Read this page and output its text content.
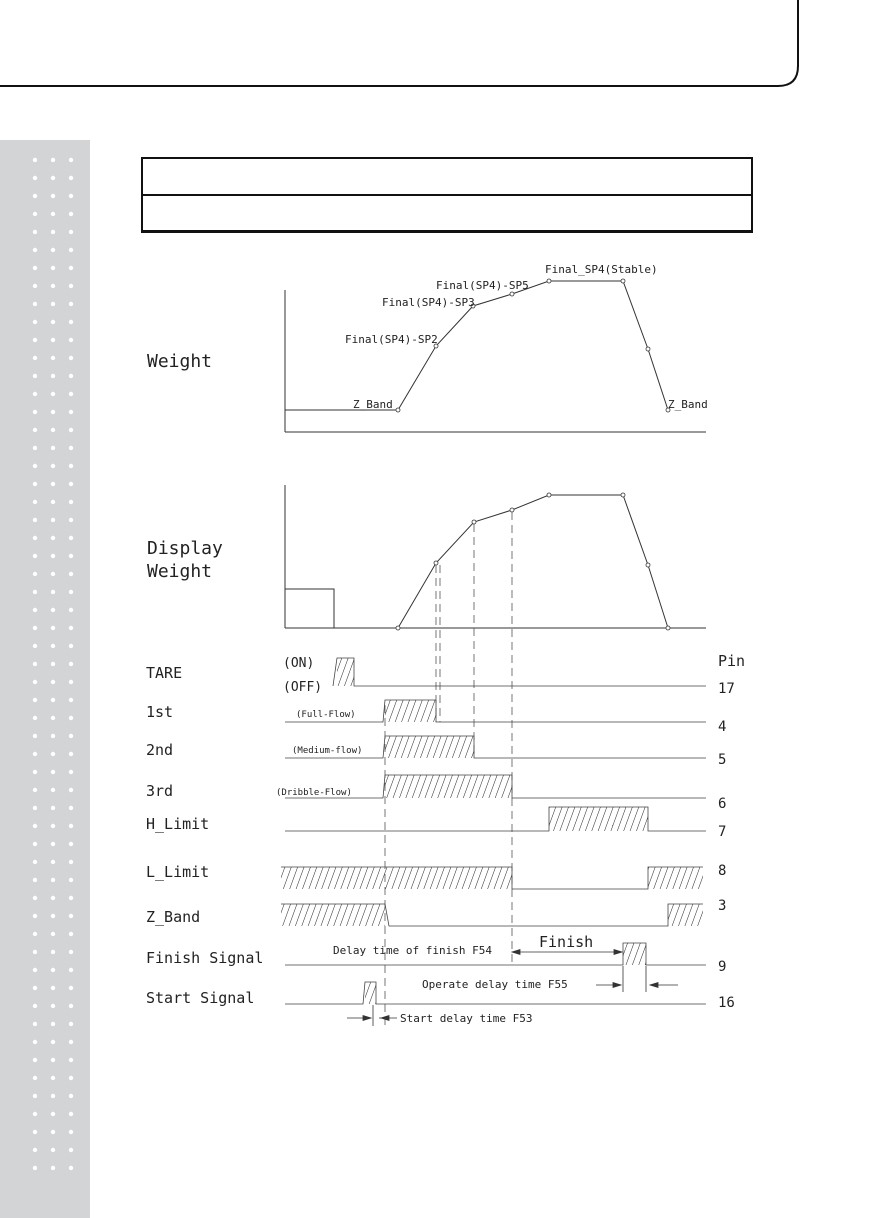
Weight
Z_Band
Final(SP4)-SP2
Final(SP4)-SP3
Final(SP4)-SP5
Final_SP4(Stable)
Z_Band
Display
Weight
TARE
1st
2nd
3rd
H_Limit
L_Limit
Z_Band
Finish Signal
Start Signal
(ON)
(OFF)
(Full-Flow)
(Medium-flow)
(Dribble-Flow)
Pin
17
4
5
6
7
8
3
9
16
Delay time of finish F54	Finish
Operate delay time F55
Start delay time F53
